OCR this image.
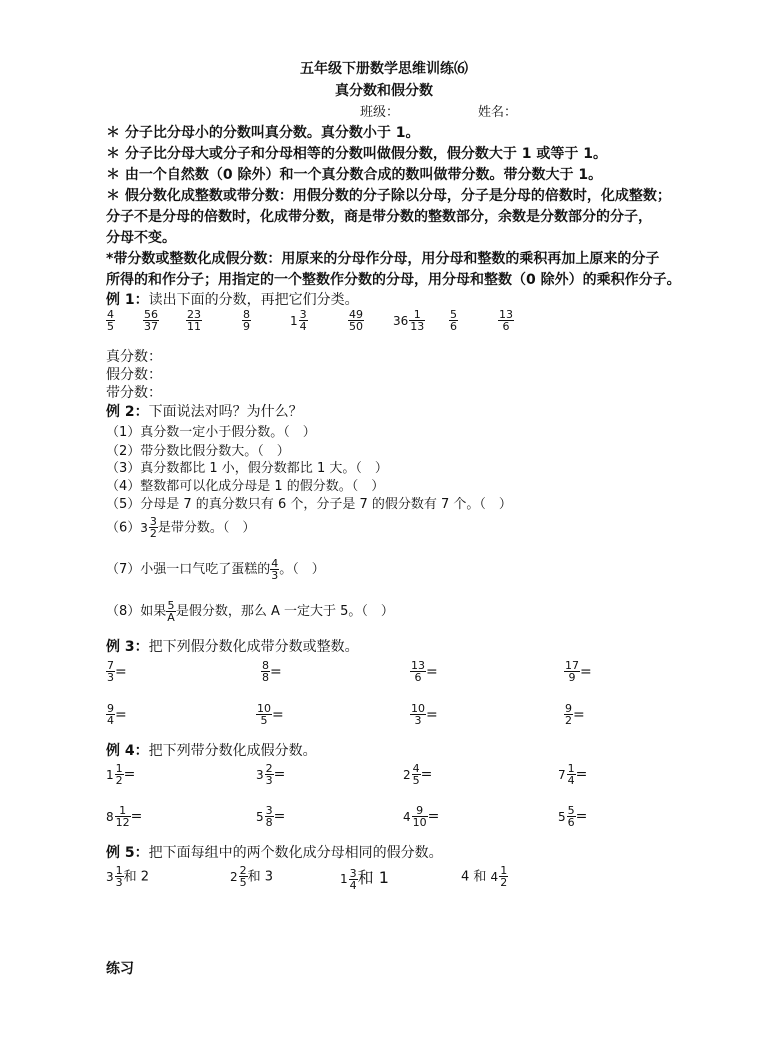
五年级下册数学思维训练⑹
真分数和假分数
班级：	姓名：
＊ 分子比分母小的分数叫真分数。真分数小于 1。
＊ 分子比分母大或分子和分母相等的分数叫做假分数，假分数大于 1 或等于 1。
＊ 由一个自然数（0 除外）和一个真分数合成的数叫做带分数。带分数大于 1。
＊ 假分数化成整数或带分数：用假分数的分子除以分母，分子是分母的倍数时，化成整数；
分子不是分母的倍数时，化成带分数，商是带分数的整数部分，余数是分数部分的分子，
分母不变。
*带分数或整数化成假分数：用原来的分母作分母，用分母和整数的乘积再加上原来的分子
所得的和作分子；用指定的一个整数作分数的分母，用分母和整数（0 除外）的乘积作分子。
例 1：读出下面的分数，再把它们分类。
$\frac{4}{5}$	$\frac{56}{37} \frac{23}{11}$	$\frac{8}{9}$	$1 \frac{3}{4}$	$\frac{49}{50} 36 \frac{1}{13} \frac{5}{6}$	$\frac{13}{6}$
真分数：
假分数：
带分数：
例 2：下面说法对吗？为什么？
（1）真分数一定小于假分数。（　）
（2）带分数比假分数大。（　）
（3）真分数都比 1 小，假分数都比 1 大。（　）
（4）整数都可以化成分母是 1 的假分数。（　）
（5）分母是 7 的真分数只有 6 个，分子是 7 的假分数有 7 个。（　）
（6） $3 \frac{3}{2}$ 是带分数。（　）
（7）小强一口气吃了蛋糕的 $\frac{4}{3}$ 。（　）
（8）如果 $\frac{5}{A}$ 是假分数，那么 A 一定大于 5。（　）
例 3：把下列假分数化成带分数或整数。
$\frac{7}{3}$ =	$\frac{8}{8}$ =	$\frac{13}{6}$ =	$\frac{17}{9}$ =
$\frac{9}{4}$ =	$\frac{10}{5}$ =	$\frac{10}{3}$ =	$\frac{9}{2}$ =
例 4：把下列带分数化成假分数。
$1 \frac{1}{2}$ =	$3 \frac{2}{3}$ =	$2 \frac{4}{5}$ =	$7 \frac{1}{4}$ =
$8 \frac{1}{12}$ =	$5 \frac{3}{8}$ =	$4 \frac{9}{10}$ =	$5 \frac{5}{6}$ =
例 5：把下面每组中的两个数化成分母相同的假分数。
$3 \frac{1}{3}$ 和 2	$2 \frac{2}{5}$ 和 3	$1 \frac{3}{4}$ 和 1	4 和 $4 \frac{1}{2}$
练习
